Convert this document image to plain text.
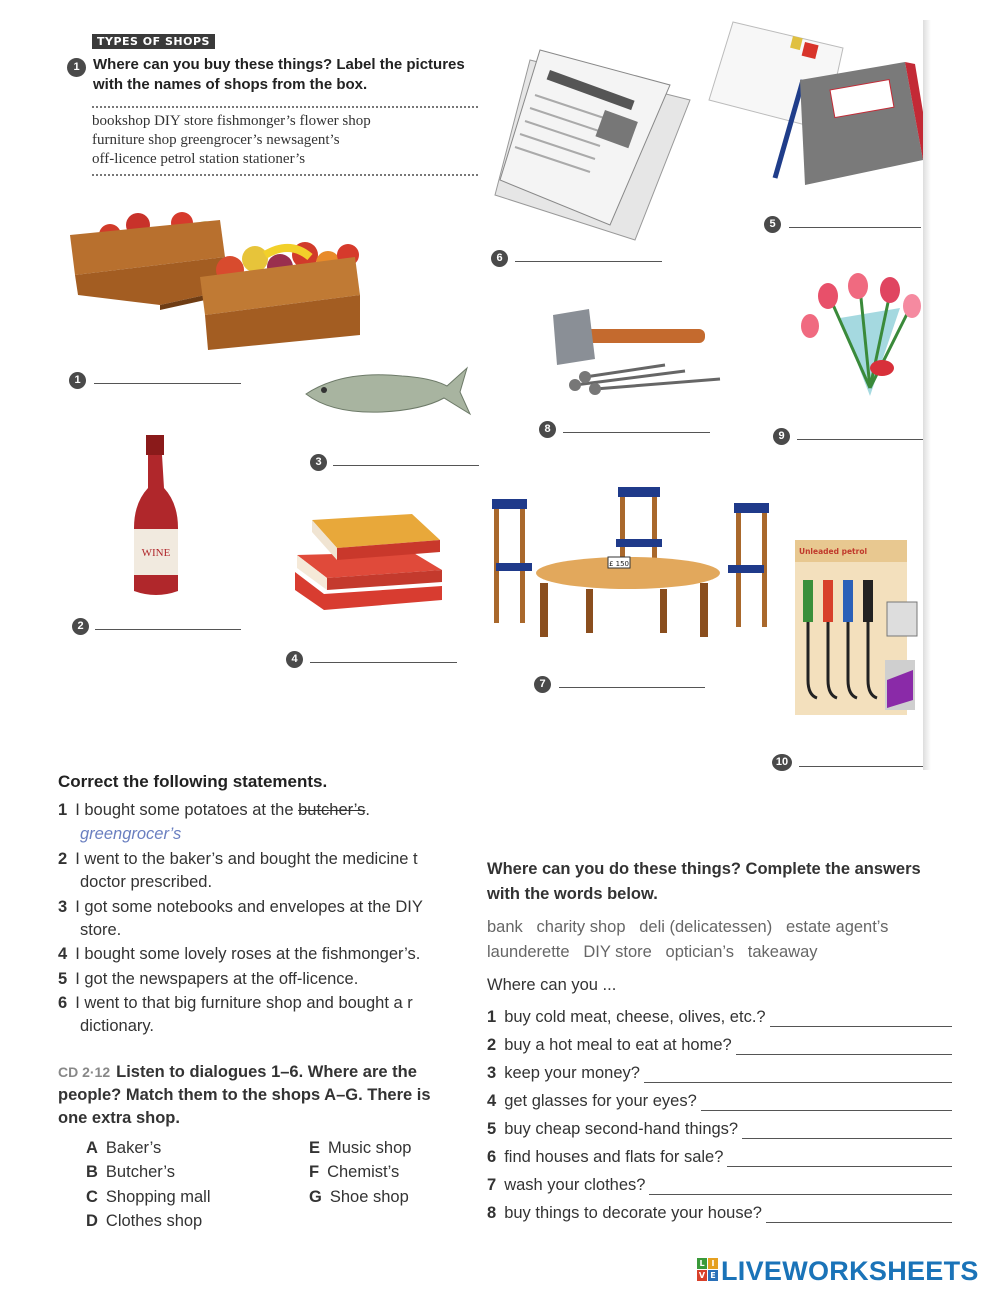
TYPES OF SHOPS
1 Where can you buy these things? Label the pictures with the names of shops from the box.
bookshop DIY store fishmonger’s flower shop
furniture shop greengrocer’s newsagent’s
off-licence petrol station stationer’s
1
3
WINE
2
4
6
5
8
9
£ 150
7
Unleaded petrol
10
Correct the following statements.
1 I bought some potatoes at the butcher’s.
greengrocer’s
2 I went to the baker’s and bought the medicine t
doctor prescribed.
3 I got some notebooks and envelopes at the DIY
store.
4 I bought some lovely roses at the fishmonger’s.
5 I got the newspapers at the off-licence.
6 I went to that big furniture shop and bought a r
dictionary.
CD 2·12 Listen to dialogues 1–6. Where are the
people? Match them to the shops A–G. There is
one extra shop.
A Baker’s
B Butcher’s
C Shopping mall
D Clothes shop
E Music shop
F Chemist’s
G Shoe shop
Where can you do these things? Complete the answers
with the words below.
bank   charity shop   deli (delicatessen)   estate agent’s
launderette   DIY store   optician’s   takeaway
Where can you ...
1 buy cold meat, cheese, olives, etc.?
2 buy a hot meal to eat at home?
3 keep your money?
4 get glasses for your eyes?
5 buy cheap second-hand things?
6 find houses and flats for sale?
7 wash your clothes?
8 buy things to decorate your house?
L I
V E LIVEWORKSHEETS
